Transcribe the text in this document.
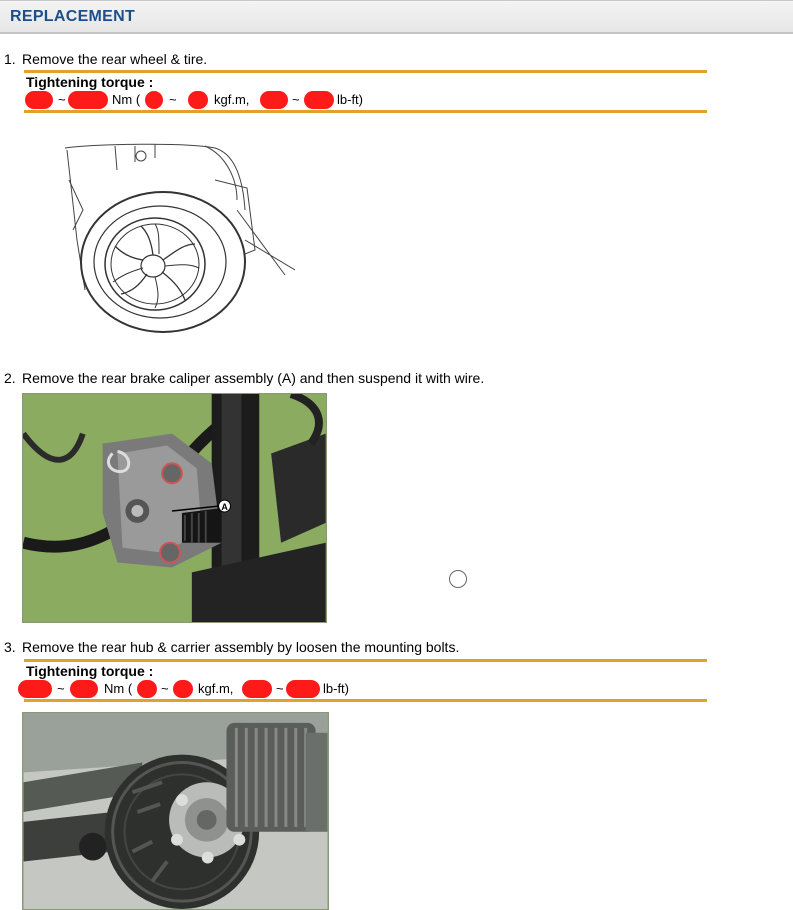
REPLACEMENT
1. Remove the rear wheel & tire.
Tightening torque :
~	Nm ( ~	kgf.m,	~	lb-ft)
2. Remove the rear brake caliper assembly (A) and then suspend it with wire.
A
3. Remove the rear hub & carrier assembly by loosen the mounting bolts.
Tightening torque :
~	Nm ( ~ kgf.m,	~	lb-ft)
